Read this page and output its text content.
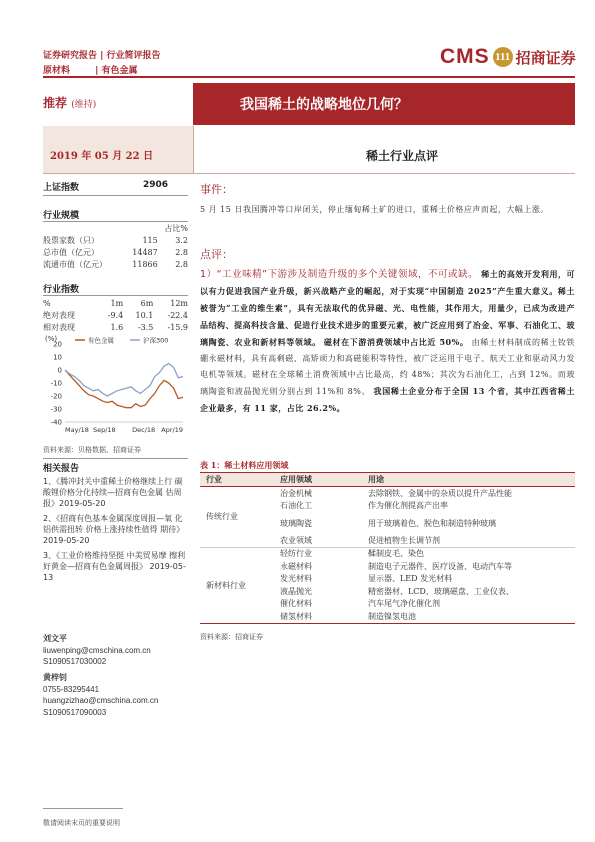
证券研究报告 | 行业简评报告
原材料        | 有色金属
CMS 111 招商证券
推荐 (维持)	我国稀土的战略地位几何？
2019 年 05 月 22 日	稀土行业点评
上证指数	2906
行业规模
		占比%
股票家数（只）	115	3.2
总市值（亿元）	14487	2.8
流通市值（亿元）	11866	2.8
行业指数
%	1m	6m	12m
绝对表现	-9.4	10.1	-22.4
相对表现	1.6	-3.5	-15.9
(%)
20
10
0
-10
-20
-30
-40
May/18 Sep/18	Dec/18 Apr/19
有色金属	沪深300
资料来源：贝格数据、招商证券
相关报告
1、《腾冲封关中重稀土价格继续上行 碳酸锂价格分化持续—招商有色金属 估周报》2019-05-20
2、《招商有色基本金属深度周报—氧 化铝供需扭转 价格上涨持续性值得 期待》2019-05-20
3、《工业价格维持坚挺 中美贸易摩 擦利好黄金—招商有色金属周报》 2019-05-13
刘文平
liuwenping@cmschina.com.cn
S1090517030002
黄梓钊
0755-83295441
huangzizhao@cmschina.com.cn
S1090517090003
事件：
5 月 15 日我国腾冲等口岸闭关，停止缅甸稀土矿的进口，重稀土价格应声而起，大幅上涨。
点评：
1）“工业味精”下游涉及制造升级的多个关键领域，不可或缺。 稀土的高效开发利用，可以有力促进我国产业升级，新兴战略产业的崛起，对于实现“中国制造 2025”产生重大意义。稀土被誉为“工业的维生素”，具有无法取代的优异磁、光、电性能，其作用大，用量少，已成为改进产品结构、提高科技含量、促进行业技术进步的重要元素，被广泛应用到了冶金、军事、石油化工、玻璃陶瓷、农业和新材料等领域。 磁材在下游消费领域中占比近 50%。 由稀土材料制成的稀土钕铁硼永磁材料，具有高剩磁、高矫顽力和高磁能积等特性，被广泛运用于电子、航天工业和驱动风力发电机等领域。磁材在全球稀土消费领域中占比最高，约 48%；其次为石油化工，占到 12%。而玻璃陶瓷和液晶抛光则分别占到 11%和 8%。 我国稀土企业分布于全国 13 个省，其中江西省稀土企业最多，有 11 家，占比 26.2%。
表 1：稀土材料应用领域
行业	应用领域	用途
传统行业	冶金机械	去除钢铁、金属中的杂质以提升产品性能
	石油化工	作为催化剂提高产出率
	玻璃陶瓷	用于玻璃着色、脱色和制造特种玻璃
	农业领域	促进植物生长调节剂
新材料行业	轻纺行业	鞣制皮毛、染色
	永磁材料	制造电子元器件、医疗设备、电动汽车等
	发光材料	显示器、LED 发光材料
	液晶抛光	精密器材、LCD、玻璃磁盘、工业仪表、
	催化材料	汽车尾气净化催化剂
	储氢材料	制造镍氢电池
资料来源：招商证券
敬请阅读末页的重要说明
